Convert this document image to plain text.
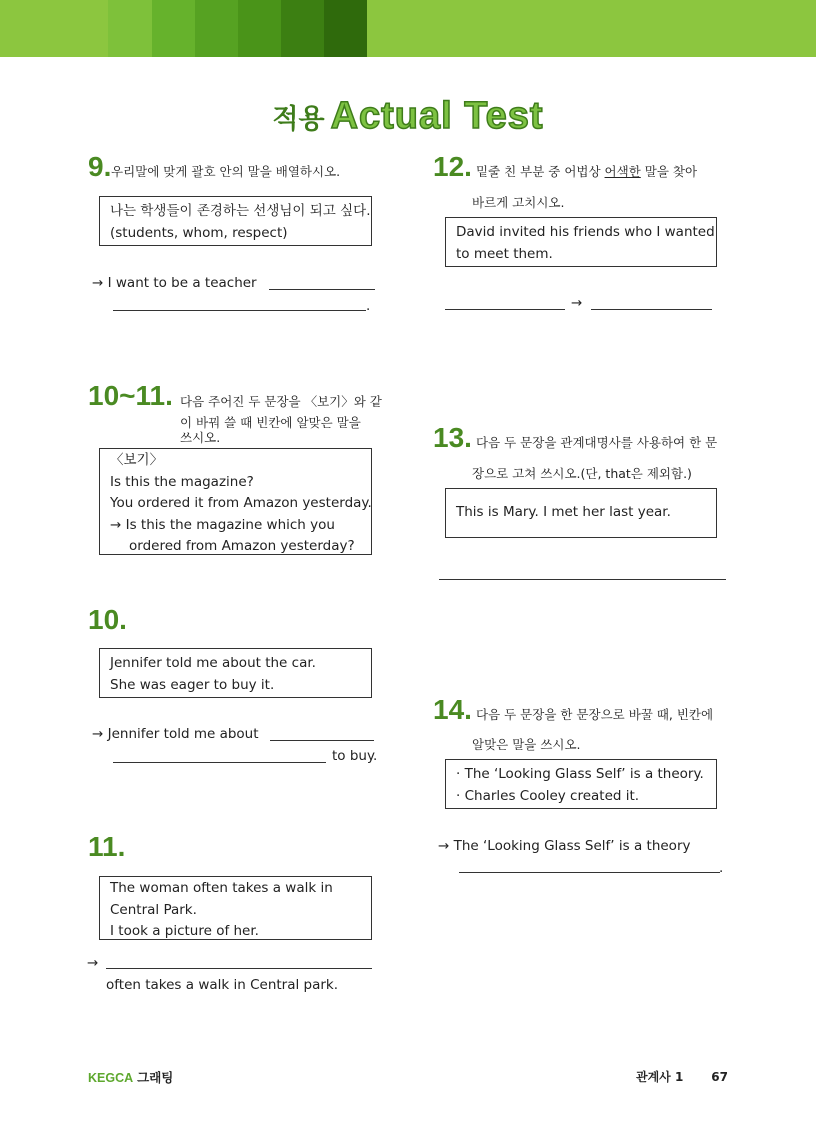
적용 Actual Test
9. 우리말에 맞게 괄호 안의 말을 배열하시오.
나는 학생들이 존경하는 선생님이 되고 싶다.
(students, whom, respect)
→ I want to be a teacher
.
12. 밑줄 친 부분 중 어법상 어색한 말을 찾아
바르게 고치시오.
David invited his friends who I wanted
to meet them.
→
10~11. 다음 주어진 두 문장을 〈보기〉와 같
이 바꿔 쓸 때 빈칸에 알맞은 말을
쓰시오.
〈보기〉
Is this the magazine?
You ordered it from Amazon yesterday.
→ Is this the magazine which you
ordered from Amazon yesterday?
13. 다음 두 문장을 관계대명사를 사용하여 한 문
장으로 고쳐 쓰시오.(단, that은 제외함.)
This is Mary. I met her last year.
10.
Jennifer told me about the car.
She was eager to buy it.
→ Jennifer told me about
to buy.
14. 다음 두 문장을 한 문장으로 바꿀 때, 빈칸에
알맞은 말을 쓰시오.
· The ‘Looking Glass Self’ is a theory.
· Charles Cooley created it.
→ The ‘Looking Glass Self’ is a theory
.
11.
The woman often takes a walk in
Central Park.
I took a picture of her.
→
often takes a walk in Central park.
KEGCA 그래팅	관계사 1 67
